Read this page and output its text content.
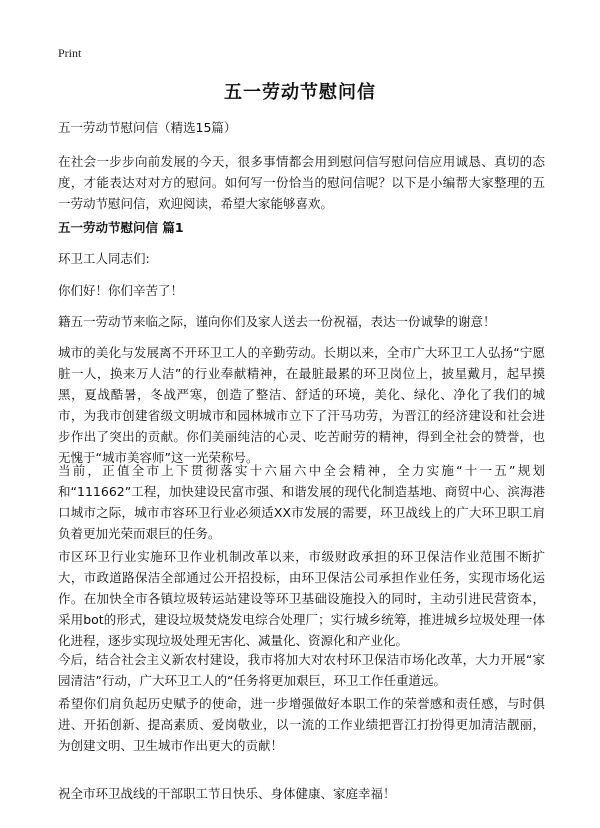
Print
五一劳动节慰问信
五一劳动节慰问信（精选15篇）

在社会一步步向前发展的今天，很多事情都会用到慰问信写慰问信应用诚恳、真切的态度，才能表达对对方的慰问。如何写一份恰当的慰问信呢？以下是小编帮大家整理的五一劳动节慰问信，欢迎阅读，希望大家能够喜欢。

五一劳动节慰问信 篇1

环卫工人同志们:

你们好！你们辛苦了！

籍五一劳动节来临之际，谨向你们及家人送去一份祝福，表达一份诚挚的谢意！

城市的美化与发展离不开环卫工人的辛勤劳动。长期以来，全市广大环卫工人弘扬“宁愿脏一人，换来万人洁”的行业奉献精神，在最脏最累的环卫岗位上，披星戴月，起早摸黑，夏战酷暑，冬战严寒，创造了整洁、舒适的环境，美化、绿化、净化了我们的城市，为我市创建省级文明城市和园林城市立下了汗马功劳，为晋江的经济建设和社会进步作出了突出的贡献。你们美丽纯洁的心灵、吃苦耐劳的精神，得到全社会的赞誉，也无愧于“城市美容师”这一光荣称号。

当前，正值全市上下贯彻落实十六届六中全会精神，全力实施“十一五”规划和“111662”工程，加快建设民富市强、和谐发展的现代化制造基地、商贸中心、滨海港口城市之际，城市市容环卫行业必须适XX市发展的需要，环卫战线上的广大环卫职工肩负着更加光荣而艰巨的任务。

市区环卫行业实施环卫作业机制改革以来，市级财政承担的环卫保洁作业范围不断扩大，市政道路保洁全部通过公开招投标，由环卫保洁公司承担作业任务，实现市场化运作。在加快全市各镇垃圾转运站建设等环卫基础设施投入的同时，主动引进民营资本，采用bot的形式，建设垃圾焚烧发电综合处理厂；实行城乡统筹，推进城乡垃圾处理一体化进程，逐步实现垃圾处理无害化、减量化、资源化和产业化。

今后，结合社会主义新农村建设，我市将加大对农村环卫保洁市场化改革，大力开展“家园清洁”行动，广大环卫工人的“任务将更加艰巨，环卫工作任重道远。

希望你们肩负起历史赋予的使命，进一步增强做好本职工作的荣誉感和责任感，与时俱进、开拓创新、提高素质、爱岗敬业，以一流的工作业绩把晋江打扮得更加清洁靓丽，为创建文明、卫生城市作出更大的贡献！

祝全市环卫战线的干部职工节日快乐、身体健康、家庭幸福！
